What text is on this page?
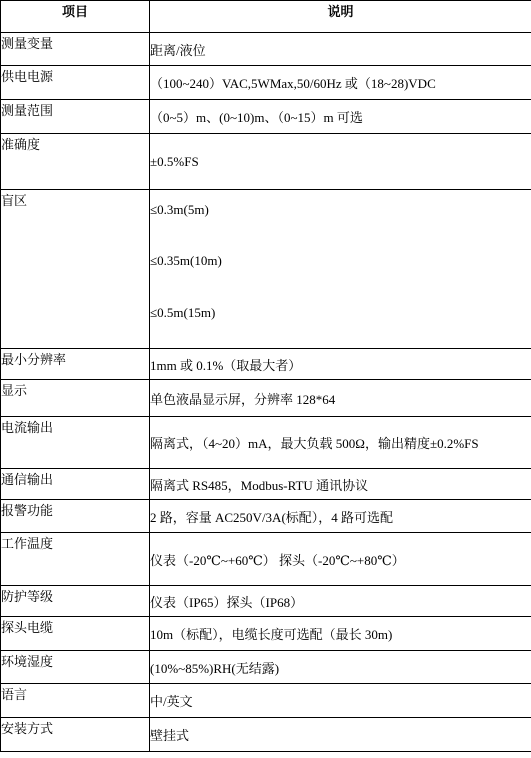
项目	说明
测量变量	距离/液位
供电电源	（100~240）VAC,5WMax,50/60Hz 或（18~28)VDC
测量范围	（0~5）m、(0~10)m、（0~15）m 可选
准确度	±0.5%FS
盲区	≤0.3m(5m)
≤0.35m(10m)
≤0.5m(15m)

最小分辨率	1mm 或 0.1%（取最大者）
显示	单色液晶显示屏，分辨率 128*64
电流输出	隔离式，（4~20）mA，最大负载 500Ω，输出精度±0.2%FS
通信输出	隔离式 RS485，Modbus-RTU 通讯协议
报警功能	2 路，容量 AC250V/3A(标配），4 路可选配
工作温度	仪表（-20℃~+60℃） 探头（-20℃~+80℃）
防护等级	仪表（IP65）探头（IP68）
探头电缆	10m（标配），电缆长度可选配（最长 30m)
环境湿度	(10%~85%)RH(无结露)
语言	中/英文
安装方式	壁挂式
